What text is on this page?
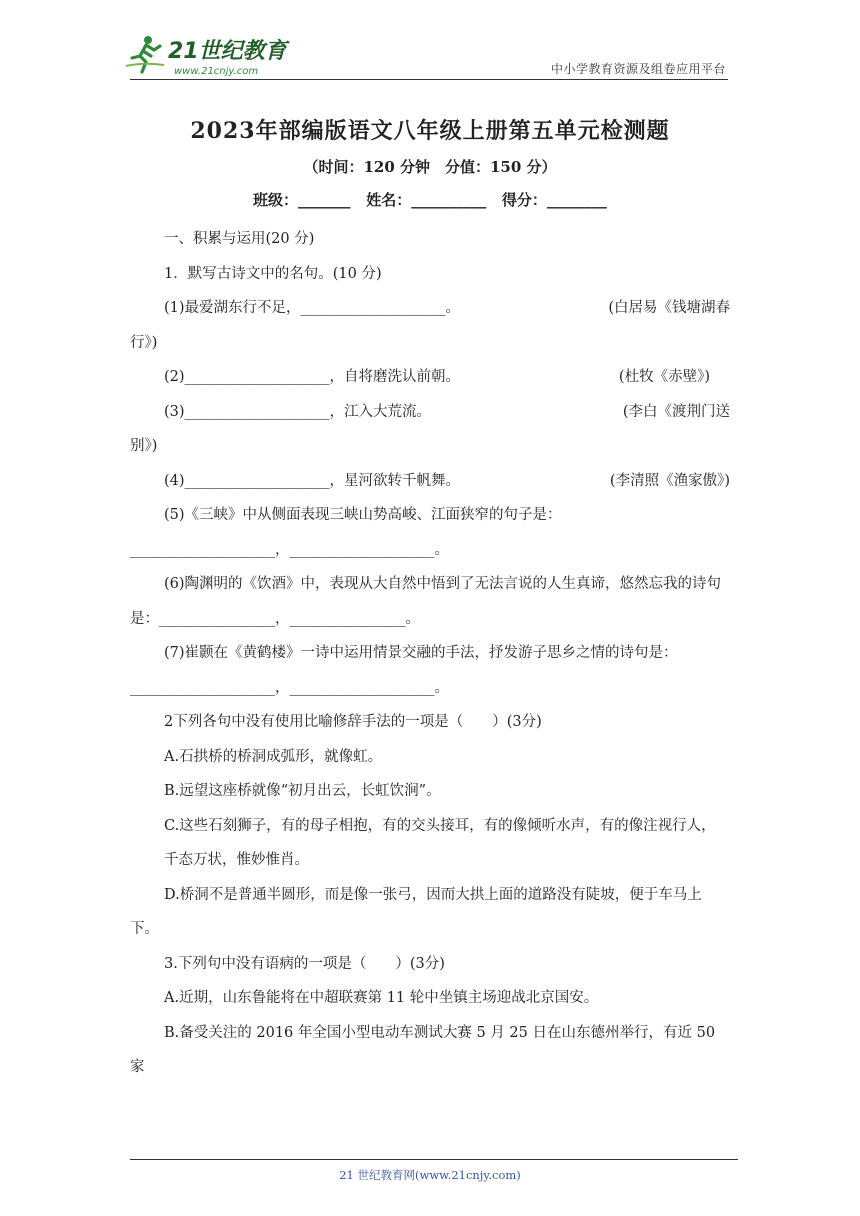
21世纪教育
www.21cnjy.com	中小学教育资源及组卷应用平台
2023年部编版语文八年级上册第五单元检测题
（时间：120 分钟　分值：150 分）
班级：_______ 姓名：__________ 得分：________

一、积累与运用(20 分)

1．默写古诗文中的名句。(10 分)

(1)最爱湖东行不足，____________________。	(白居易《钱塘湖春

行》)

(2)____________________，自将磨洗认前朝。	(杜牧《赤壁》)
(3)____________________，江入大荒流。	(李白《渡荆门送

别》)

(4)____________________，星河欲转千帆舞。	(李清照《渔家傲》)

(5)《三峡》中从侧面表现三峡山势高峻、江面狭窄的句子是：

____________________，____________________。

(6)陶渊明的《饮酒》中，表现从大自然中悟到了无法言说的人生真谛，悠然忘我的诗句是：________________，________________。

(7)崔颢在《黄鹤楼》一诗中运用情景交融的手法，抒发游子思乡之情的诗句是：____________________，____________________。

2下列各句中没有使用比喻修辞手法的一项是（　　）(3分)

A.石拱桥的桥洞成弧形，就像虹。

B.远望这座桥就像“初月出云，长虹饮涧”。

C.这些石刻狮子，有的母子相抱，有的交头接耳，有的像倾听水声，有的像注视行人，

千态万状，惟妙惟肖。

D.桥洞不是普通半圆形，而是像一张弓，因而大拱上面的道路没有陡坡，便于车马上下。

3.下列句中没有语病的一项是（　　）(3分)

A.近期，山东鲁能将在中超联赛第 11 轮中坐镇主场迎战北京国安。

B.备受关注的 2016 年全国小型电动车测试大赛 5 月 25 日在山东德州举行，有近 50 家

21 世纪教育网(www.21cnjy.com)
